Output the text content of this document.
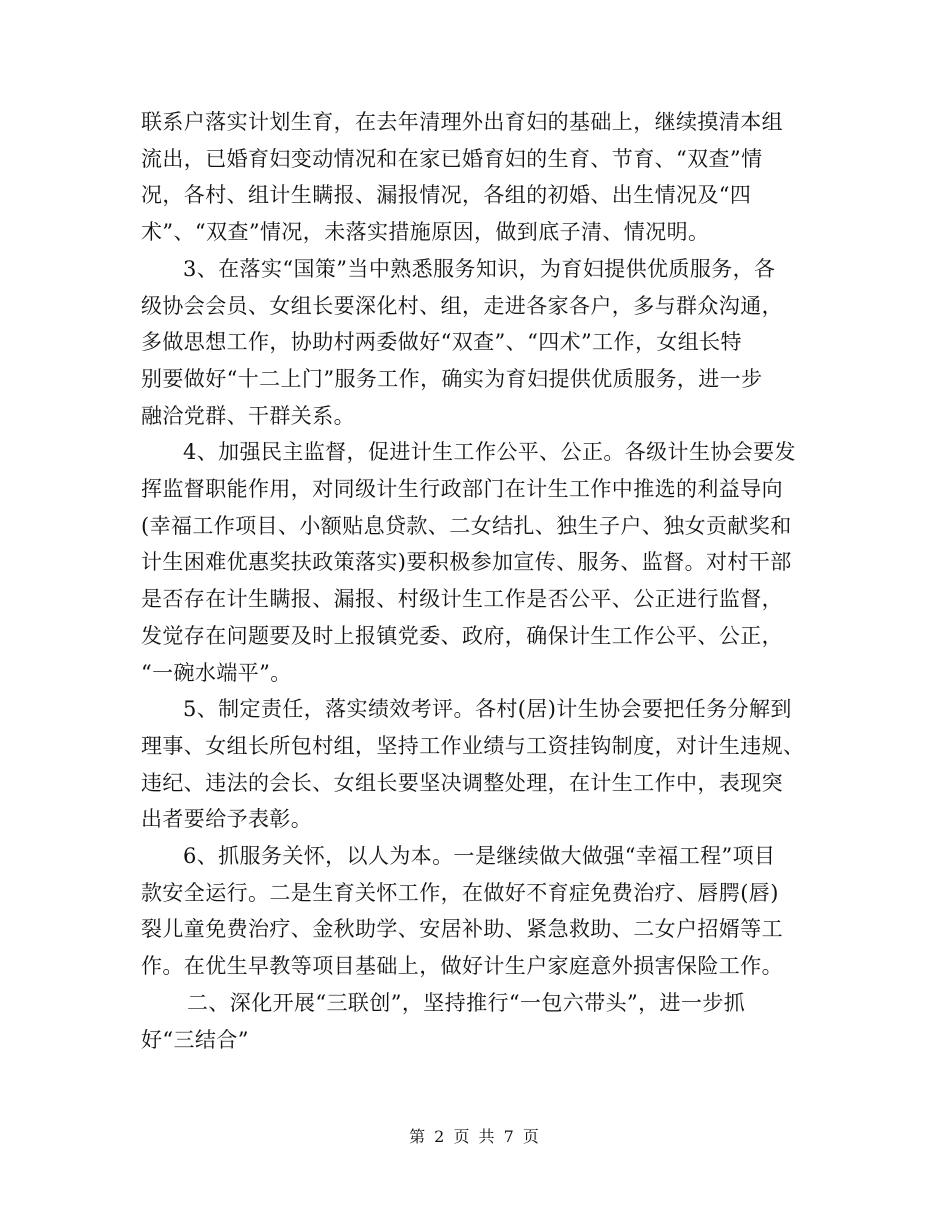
联系户落实计划生育，在去年清理外出育妇的基础上，继续摸清本组
流出，已婚育妇变动情况和在家已婚育妇的生育、节育、“双查”情
况，各村、组计生瞒报、漏报情况，各组的初婚、出生情况及“四
术”、“双查”情况，未落实措施原因，做到底子清、情况明。
3、在落实“国策”当中熟悉服务知识，为育妇提供优质服务，各
级协会会员、女组长要深化村、组，走进各家各户，多与群众沟通，
多做思想工作，协助村两委做好“双查”、“四术”工作，女组长特
别要做好“十二上门”服务工作，确实为育妇提供优质服务，进一步
融洽党群、干群关系。
4、加强民主监督，促进计生工作公平、公正。各级计生协会要发
挥监督职能作用，对同级计生行政部门在计生工作中推选的利益导向
(幸福工作项目、小额贴息贷款、二女结扎、独生子户、独女贡献奖和
计生困难优惠奖扶政策落实)要积极参加宣传、服务、监督。对村干部
是否存在计生瞒报、漏报、村级计生工作是否公平、公正进行监督，
发觉存在问题要及时上报镇党委、政府，确保计生工作公平、公正，
“一碗水端平”。
5、制定责任，落实绩效考评。各村(居)计生协会要把任务分解到
理事、女组长所包村组，坚持工作业绩与工资挂钩制度，对计生违规、
违纪、违法的会长、女组长要坚决调整处理，在计生工作中，表现突
出者要给予表彰。
6、抓服务关怀，以人为本。一是继续做大做强“幸福工程”项目
款安全运行。二是生育关怀工作，在做好不育症免费治疗、唇腭(唇)
裂儿童免费治疗、金秋助学、安居补助、紧急救助、二女户招婿等工
作。在优生早教等项目基础上，做好计生户家庭意外损害保险工作。
二、深化开展“三联创”，坚持推行“一包六带头”，进一步抓
好“三结合”
第 2 页 共 7 页
